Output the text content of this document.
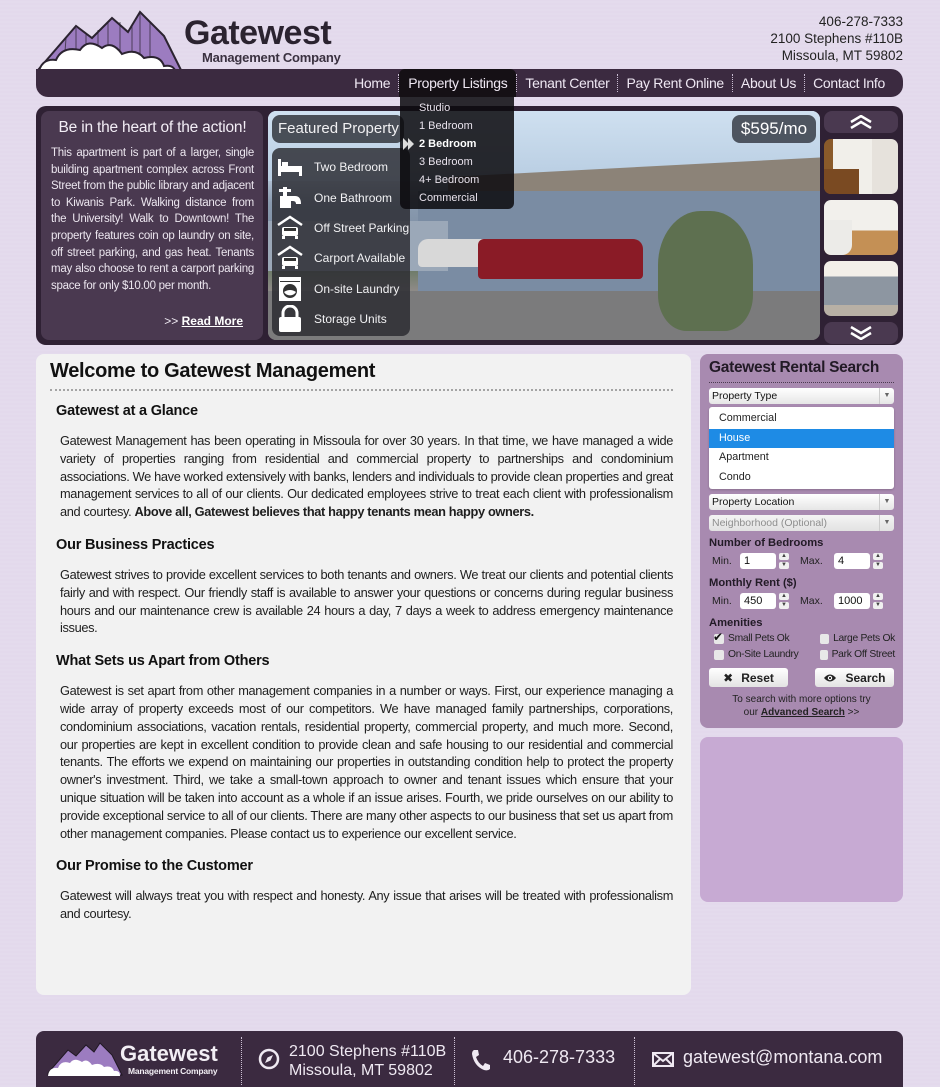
Gatewest
Management Company
406-278-7333
2100 Stephens #110B
Missoula, MT 59802
Home	Property Listings	Tenant Center	Pay Rent Online	About Us	Contact Info
Be in the heart of the action!
This apartment is part of a larger, single building apartment complex across Front Street from the public library and adjacent to Kiwanis Park. Walking distance from the University! Walk to Downtown! The property features coin op laundry on site, off street parking, and gas heat. Tenants may also choose to rent a carport parking space for only $10.00 per month.
>> Read More
Featured Property
Two Bedroom
One Bathroom
Off Street Parking
Carport Available
On-site Laundry
Storage Units
$595/mo
Studio
1 Bedroom
2 Bedroom
3 Bedroom
4+ Bedroom
Commercial
Welcome to Gatewest Management
Gatewest at a Glance
Gatewest Management has been operating in Missoula for over 30 years. In that time, we have managed a wide variety of properties ranging from residential and commercial property to partnerships and condominium associations. We have worked extensively with banks, lenders and individuals to provide clean properties and great management services to all of our clients. Our dedicated employees strive to treat each client with professionalism and courtesy. Above all, Gatewest believes that happy tenants mean happy owners.
Our Business Practices
Gatewest strives to provide excellent services to both tenants and owners. We treat our clients and potential clients fairly and with respect. Our friendly staff is available to answer your questions or concerns during regular business hours and our maintenance crew is available 24 hours a day, 7 days a week to address emergency maintenance issues.
What Sets us Apart from Others
Gatewest is set apart from other management companies in a number or ways. First, our experience managing a wide array of property exceeds most of our competitors. We have managed family partnerships, corporations, condominium associations, vacation rentals, residential property, commercial property, and much more. Second, our properties are kept in excellent condition to provide clean and safe housing to our residential and commercial tenants. The efforts we expend on maintaining our properties in outstanding condition help to protect the property owner's investment. Third, we take a small-town approach to owner and tenant issues which ensure that your unique situation will be taken into account as a whole if an issue arises. Fourth, we pride ourselves on our ability to provide exceptional service to all of our clients. There are many other aspects to our business that set us apart from other management companies. Please contact us to experience our excellent service.
Our Promise to the Customer
Gatewest will always treat you with respect and honesty. Any issue that arises will be treated with professionalism and courtesy.
Gatewest Rental Search
Property Type	▼
Commercial
House
Apartment
Condo
Property Location	▼
Neighborhood (Optional)	▼
Number of Bedrooms
Min.	1	▲
▼ Max.	4	▲
▼
Monthly Rent ($)
Min.	450	▲
▼ Max.	1000	▲
▼
Amenities
✔
Small Pets Ok	Large Pets Ok
On-Site Laundry	Park Off Street
✖ Reset	Search
To search with more options try
our Advanced Search >>
Gatewest
Management Company
2100 Stephens #110B
Missoula, MT 59802
406-278-7333	gatewest@montana.com
